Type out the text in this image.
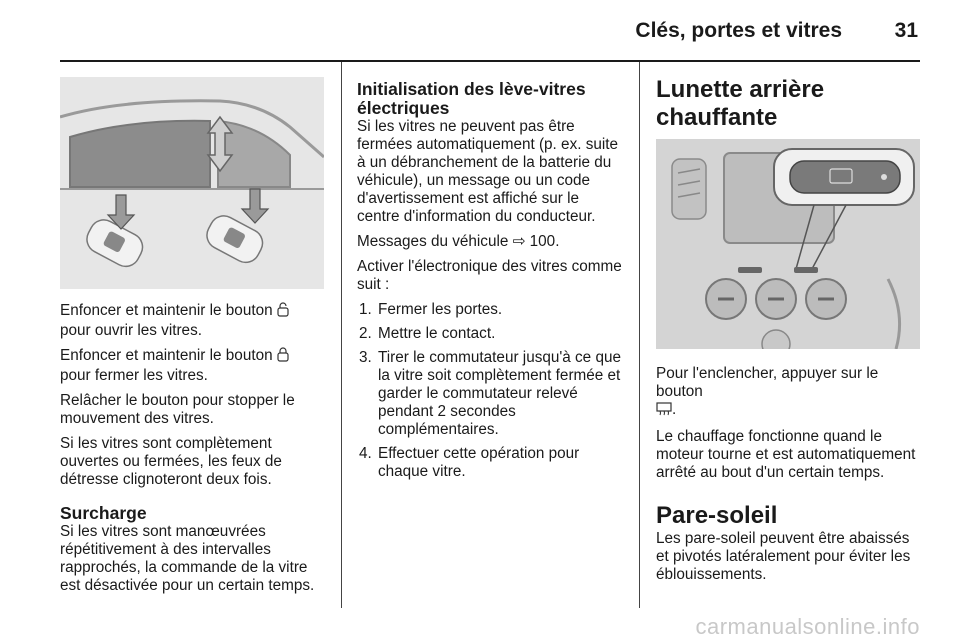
Clés, portes et vitres	31

Enfoncer et maintenir le bouton
pour ouvrir les vitres.

Enfoncer et maintenir le bouton
pour fermer les vitres.

Relâcher le bouton pour stopper le mouvement des vitres.

Si les vitres sont complètement ouvertes ou fermées, les feux de détresse clignoteront deux fois.

Surcharge

Si les vitres sont manœuvrées répétitivement à des intervalles rapprochés, la commande de la vitre est désactivée pour un certain temps.

Initialisation des lève-vitres électriques

Si les vitres ne peuvent pas être fermées automatiquement (p. ex. suite à un débranchement de la batterie du véhicule), un message ou un code d'avertissement est affiché sur le centre d'information du conducteur.

Messages du véhicule ⇨ 100.

Activer l'électronique des vitres comme suit :

1. Fermer les portes.
2. Mettre le contact.
3. Tirer le commutateur jusqu'à ce que la vitre soit complètement fermée et garder le commutateur relevé pendant 2 secondes complémentaires.
4. Effectuer cette opération pour chaque vitre.
Lunette arrière chauffante

Pour l'enclencher, appuyer sur le bouton
.

Le chauffage fonctionne quand le moteur tourne et est automatiquement arrêté au bout d'un certain temps.

Pare-soleil

Les pare-soleil peuvent être abaissés et pivotés latéralement pour éviter les éblouissements.

carmanualsonline.info
